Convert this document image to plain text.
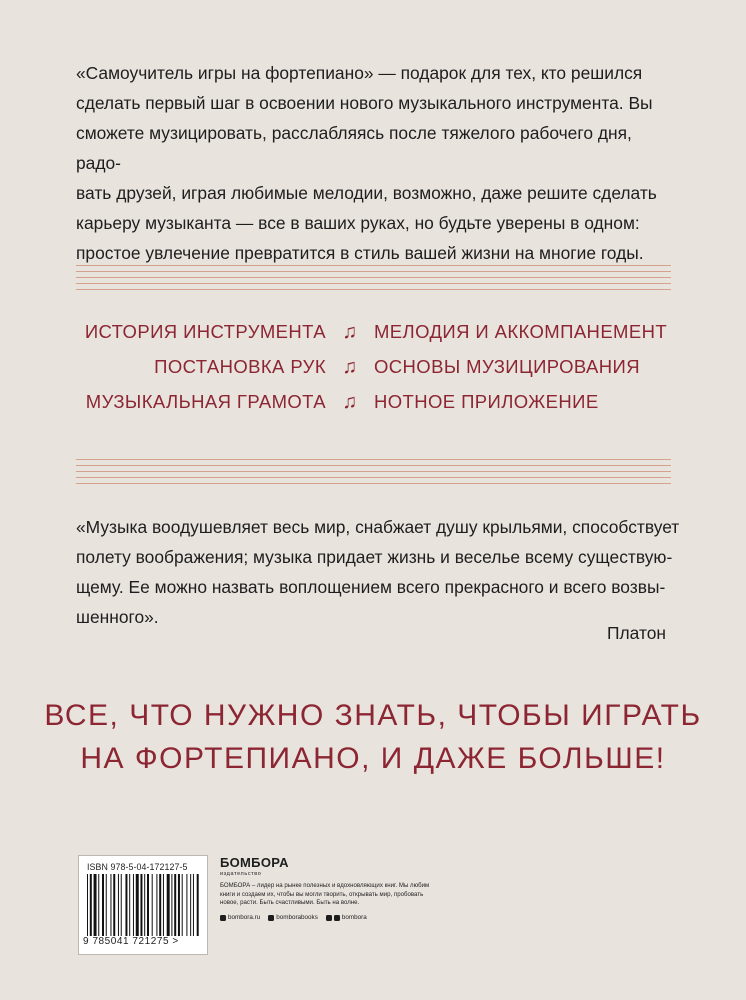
«Самоучитель игры на фортепиано» — подарок для тех, кто решился
сделать первый шаг в освоении нового музыкального инструмента. Вы
сможете музицировать, расслабляясь после тяжелого рабочего дня, радо-
вать друзей, играя любимые мелодии, возможно, даже решите сделать
карьеру музыканта — все в ваших руках, но будьте уверены в одном:
простое увлечение превратится в стиль вашей жизни на многие годы.
ИСТОРИЯ ИНСТРУМЕНТА ♫ МЕЛОДИЯ И АККОМПАНЕМЕНТ
ПОСТАНОВКА РУК ♫ ОСНОВЫ МУЗИЦИРОВАНИЯ
МУЗЫКАЛЬНАЯ ГРАМОТА ♫ НОТНОЕ ПРИЛОЖЕНИЕ
«Музыка воодушевляет весь мир, снабжает душу крыльями, способствует
полету воображения; музыка придает жизнь и веселье всему существую-
щему. Ее можно назвать воплощением всего прекрасного и всего возвы-
шенного».
Платон
ВСЕ, ЧТО НУЖНО ЗНАТЬ, ЧТОБЫ ИГРАТЬ
НА ФОРТЕПИАНО, И ДАЖЕ БОЛЬШЕ!
ISBN 978-5-04-172127-5
9 785041 721275 >
БОМБОРА
издательство
БОМБОРА – лидер на рынке полезных и вдохновляющих книг. Мы любим книги и создаем их, чтобы вы могли творить, открывать мир, пробовать новое, расти. Быть счастливыми. Быть на волне.
bombora.ru	bomborabooks	bombora
